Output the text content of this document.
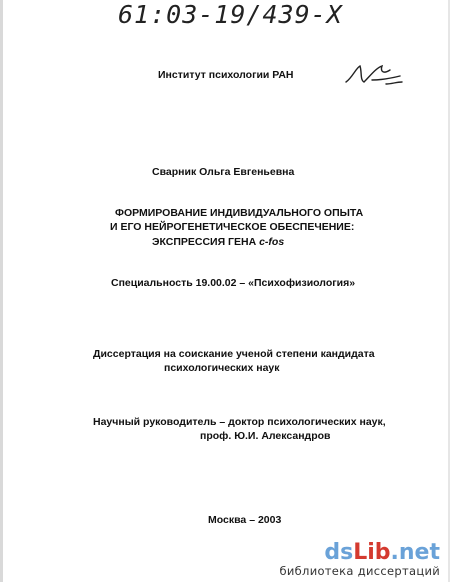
61:03-19/439-Х
Институт психологии РАН
Сварник Ольга Евгеньевна
ФОРМИРОВАНИЕ ИНДИВИДУАЛЬНОГО ОПЫТА
И ЕГО НЕЙРОГЕНЕТИЧЕСКОЕ ОБЕСПЕЧЕНИЕ:
ЭКСПРЕССИЯ ГЕНА c-fos
Специальность 19.00.02 – «Психофизиология»
Диссертация на соискание ученой степени кандидата
психологических наук
Научный руководитель – доктор психологических наук,
проф. Ю.И. Александров
Москва – 2003
dsLib.net
библиотека диссертаций
